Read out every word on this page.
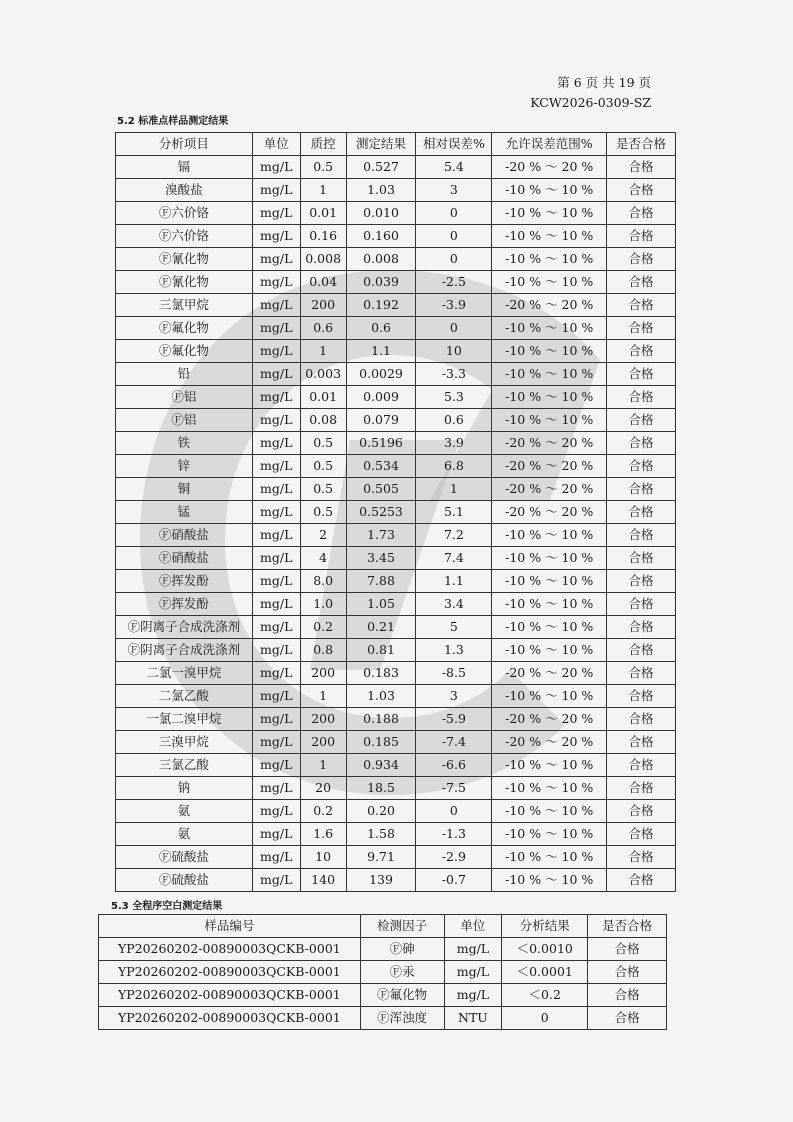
第 6 页 共 19 页
KCW2026-0309-SZ
5.2 标准点样品测定结果
分析项目	单位	质控	测定结果	相对误差%	允许误差范围%	是否合格
镉	mg/L	0.5	0.527	5.4	-20 % ～ 20 %	合格
溴酸盐	mg/L	1	1.03	3	-10 % ～ 10 %	合格
Ⓕ六价铬	mg/L	0.01	0.010	0	-10 % ～ 10 %	合格
Ⓕ六价铬	mg/L	0.16	0.160	0	-10 % ～ 10 %	合格
Ⓕ氰化物	mg/L	0.008	0.008	0	-10 % ～ 10 %	合格
Ⓕ氰化物	mg/L	0.04	0.039	-2.5	-10 % ～ 10 %	合格
三氯甲烷	mg/L	200	0.192	-3.9	-20 % ～ 20 %	合格
Ⓕ氟化物	mg/L	0.6	0.6	0	-10 % ～ 10 %	合格
Ⓕ氟化物	mg/L	1	1.1	10	-10 % ～ 10 %	合格
铅	mg/L	0.003	0.0029	-3.3	-10 % ～ 10 %	合格
Ⓕ铝	mg/L	0.01	0.009	5.3	-10 % ～ 10 %	合格
Ⓕ铝	mg/L	0.08	0.079	0.6	-10 % ～ 10 %	合格
铁	mg/L	0.5	0.5196	3.9	-20 % ～ 20 %	合格
锌	mg/L	0.5	0.534	6.8	-20 % ～ 20 %	合格
铜	mg/L	0.5	0.505	1	-20 % ～ 20 %	合格
锰	mg/L	0.5	0.5253	5.1	-20 % ～ 20 %	合格
Ⓕ硝酸盐	mg/L	2	1.73	7.2	-10 % ～ 10 %	合格
Ⓕ硝酸盐	mg/L	4	3.45	7.4	-10 % ～ 10 %	合格
Ⓕ挥发酚	mg/L	8.0	7.88	1.1	-10 % ～ 10 %	合格
Ⓕ挥发酚	mg/L	1.0	1.05	3.4	-10 % ～ 10 %	合格
Ⓕ阴离子合成洗涤剂	mg/L	0.2	0.21	5	-10 % ～ 10 %	合格
Ⓕ阴离子合成洗涤剂	mg/L	0.8	0.81	1.3	-10 % ～ 10 %	合格
二氯一溴甲烷	mg/L	200	0.183	-8.5	-20 % ～ 20 %	合格
二氯乙酸	mg/L	1	1.03	3	-10 % ～ 10 %	合格
一氯二溴甲烷	mg/L	200	0.188	-5.9	-20 % ～ 20 %	合格
三溴甲烷	mg/L	200	0.185	-7.4	-20 % ～ 20 %	合格
三氯乙酸	mg/L	1	0.934	-6.6	-10 % ～ 10 %	合格
钠	mg/L	20	18.5	-7.5	-10 % ～ 10 %	合格
氨	mg/L	0.2	0.20	0	-10 % ～ 10 %	合格
氨	mg/L	1.6	1.58	-1.3	-10 % ～ 10 %	合格
Ⓕ硫酸盐	mg/L	10	9.71	-2.9	-10 % ～ 10 %	合格
Ⓕ硫酸盐	mg/L	140	139	-0.7	-10 % ～ 10 %	合格
5.3 全程序空白测定结果
样品编号	检测因子	单位	分析结果	是否合格
YP20260202-00890003QCKB-0001	Ⓕ砷	mg/L	＜0.0010	合格
YP20260202-00890003QCKB-0001	Ⓕ汞	mg/L	＜0.0001	合格
YP20260202-00890003QCKB-0001	Ⓕ氟化物	mg/L	＜0.2	合格
YP20260202-00890003QCKB-0001	Ⓕ浑浊度	NTU	0	合格
